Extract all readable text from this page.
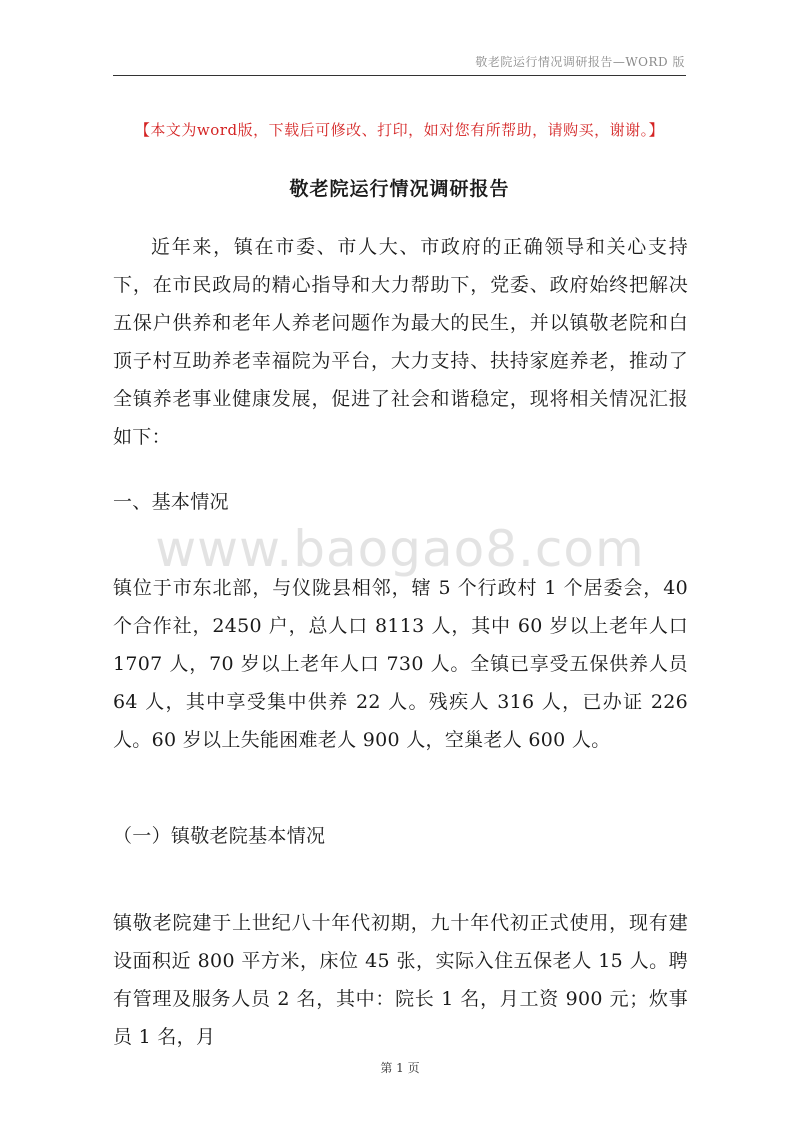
敬老院运行情况调研报告—WORD 版
【本文为word版，下载后可修改、打印，如对您有所帮助，请购买，谢谢。】
敬老院运行情况调研报告

近年来，镇在市委、市人大、市政府的正确领导和关心支持下，在市民政局的精心指导和大力帮助下，党委、政府始终把解决五保户供养和老年人养老问题作为最大的民生，并以镇敬老院和白顶子村互助养老幸福院为平台，大力支持、扶持家庭养老，推动了全镇养老事业健康发展，促进了社会和谐稳定，现将相关情况汇报如下：

一、基本情况

www.baogao8.com

镇位于市东北部，与仪陇县相邻，辖 5 个行政村 1 个居委会，40 个合作社，2450 户，总人口 8113 人，其中 60 岁以上老年人口 1707 人，70 岁以上老年人口 730 人。全镇已享受五保供养人员 64 人，其中享受集中供养 22 人。残疾人 316 人，已办证 226 人。60 岁以上失能困难老人 900 人，空巢老人 600 人。

（一）镇敬老院基本情况

镇敬老院建于上世纪八十年代初期，九十年代初正式使用，现有建设面积近 800 平方米，床位 45 张，实际入住五保老人 15 人。聘有管理及服务人员 2 名，其中：院长 1 名，月工资 900 元；炊事员 1 名，月

第 1 页
